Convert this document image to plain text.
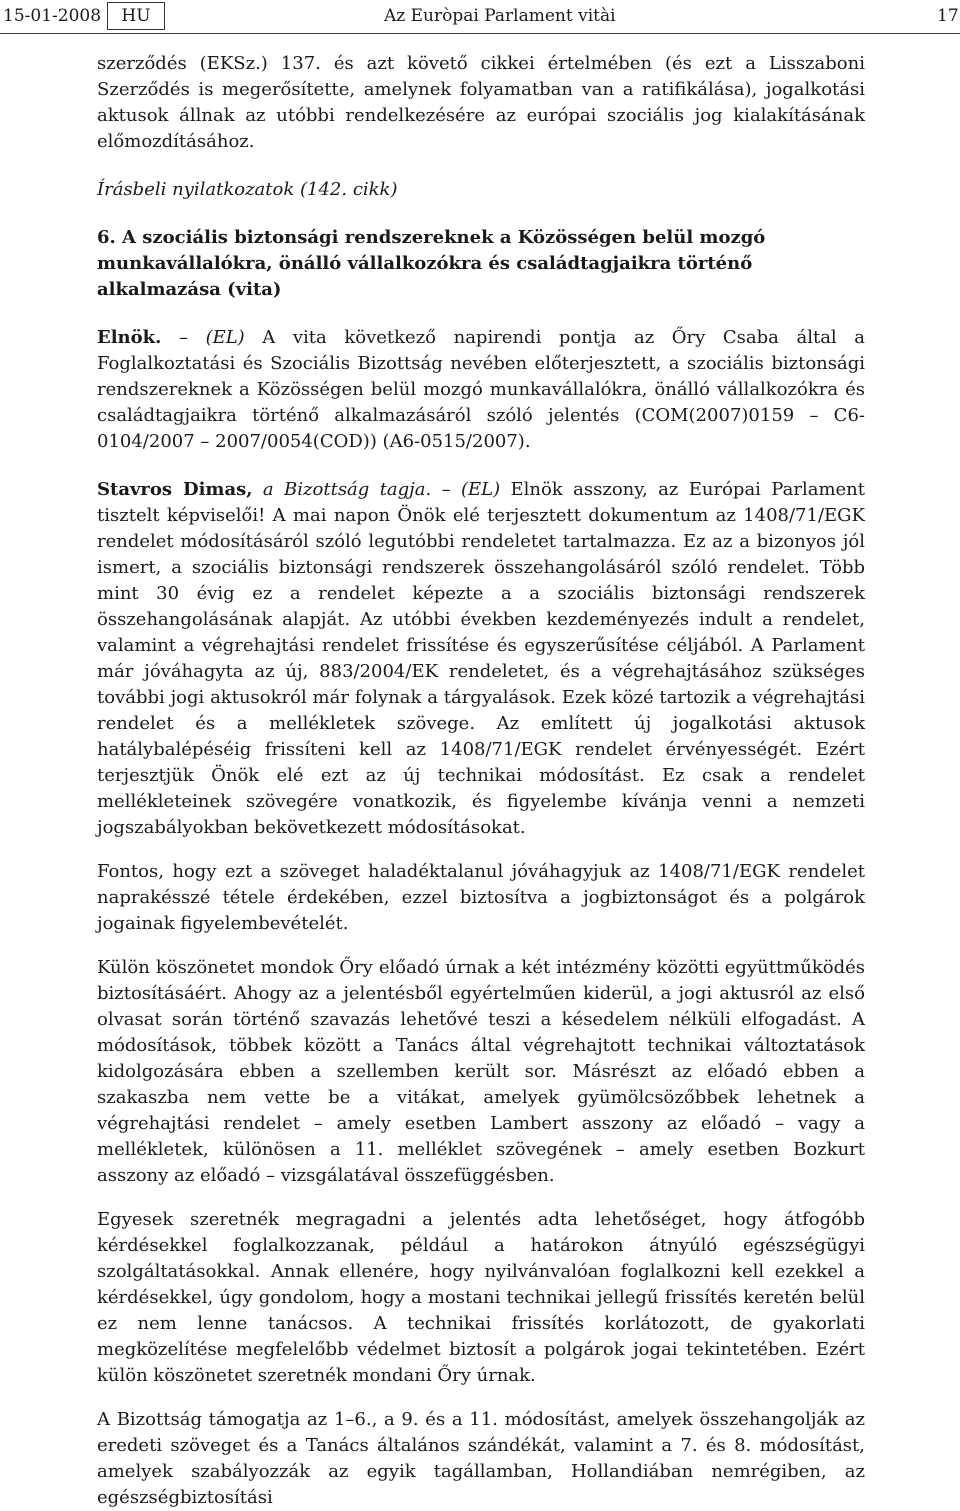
15-01-2008	HU	Az Euròpai Parlament vitài	17

szerződés (EKSz.) 137. és azt követő cikkei értelmében (és ezt a Lisszaboni Szerződés is megerősítette, amelynek folyamatban van a ratifikálása), jogalkotási aktusok állnak az utóbbi rendelkezésére az európai szociális jog kialakításának előmozdításához.

Írásbeli nyilatkozatok (142. cikk)

6. A szociális biztonsági rendszereknek a Közösségen belül mozgó munkavállalókra, önálló vállalkozókra és családtagjaikra történő alkalmazása (vita)

Elnök. – (EL) A vita következő napirendi pontja az Őry Csaba által a Foglalkoztatási és Szociális Bizottság nevében előterjesztett, a szociális biztonsági rendszereknek a Közösségen belül mozgó munkavállalókra, önálló vállalkozókra és családtagjaikra történő alkalmazásáról szóló jelentés (COM(2007)0159 – C6-0104/2007 – 2007/0054(COD)) (A6-0515/2007).

Stavros Dimas, a Bizottság tagja. – (EL) Elnök asszony, az Európai Parlament tisztelt képviselői! A mai napon Önök elé terjesztett dokumentum az 1408/71/EGK rendelet módosításáról szóló legutóbbi rendeletet tartalmazza. Ez az a bizonyos jól ismert, a szociális biztonsági rendszerek összehangolásáról szóló rendelet. Több mint 30 évig ez a rendelet képezte a a szociális biztonsági rendszerek összehangolásának alapját. Az utóbbi években kezdeményezés indult a rendelet, valamint a végrehajtási rendelet frissítése és egyszerűsítése céljából. A Parlament már jóváhagyta az új, 883/2004/EK rendeletet, és a végrehajtásához szükséges további jogi aktusokról már folynak a tárgyalások. Ezek közé tartozik a végrehajtási rendelet és a mellékletek szövege. Az említett új jogalkotási aktusok hatálybalépéséig frissíteni kell az 1408/71/EGK rendelet érvényességét. Ezért terjesztjük Önök elé ezt az új technikai módosítást. Ez csak a rendelet mellékleteinek szövegére vonatkozik, és figyelembe kívánja venni a nemzeti jogszabályokban bekövetkezett módosításokat.

Fontos, hogy ezt a szöveget haladéktalanul jóváhagyjuk az 1408/71/EGK rendelet naprakésszé tétele érdekében, ezzel biztosítva a jogbiztonságot és a polgárok jogainak figyelembevételét.

Külön köszönetet mondok Őry előadó úrnak a két intézmény közötti együttműködés biztosításáért. Ahogy az a jelentésből egyértelműen kiderül, a jogi aktusról az első olvasat során történő szavazás lehetővé teszi a késedelem nélküli elfogadást. A módosítások, többek között a Tanács által végrehajtott technikai változtatások kidolgozására ebben a szellemben került sor. Másrészt az előadó ebben a szakaszba nem vette be a vitákat, amelyek gyümölcsözőbbek lehetnek a végrehajtási rendelet – amely esetben Lambert asszony az előadó – vagy a mellékletek, különösen a 11. melléklet szövegének – amely esetben Bozkurt asszony az előadó – vizsgálatával összefüggésben.

Egyesek szeretnék megragadni a jelentés adta lehetőséget, hogy átfogóbb kérdésekkel foglalkozzanak, például a határokon átnyúló egészségügyi szolgáltatásokkal. Annak ellenére, hogy nyilvánvalóan foglalkozni kell ezekkel a kérdésekkel, úgy gondolom, hogy a mostani technikai jellegű frissítés keretén belül ez nem lenne tanácsos. A technikai frissítés korlátozott, de gyakorlati megközelítése megfelelőbb védelmet biztosít a polgárok jogai tekintetében. Ezért külön köszönetet szeretnék mondani Őry úrnak.

A Bizottság támogatja az 1–6., a 9. és a 11. módosítást, amelyek összehangolják az eredeti szöveget és a Tanács általános szándékát, valamint a 7. és 8. módosítást, amelyek szabályozzák az egyik tagállamban, Hollandiában nemrégiben, az egészségbiztosítási
